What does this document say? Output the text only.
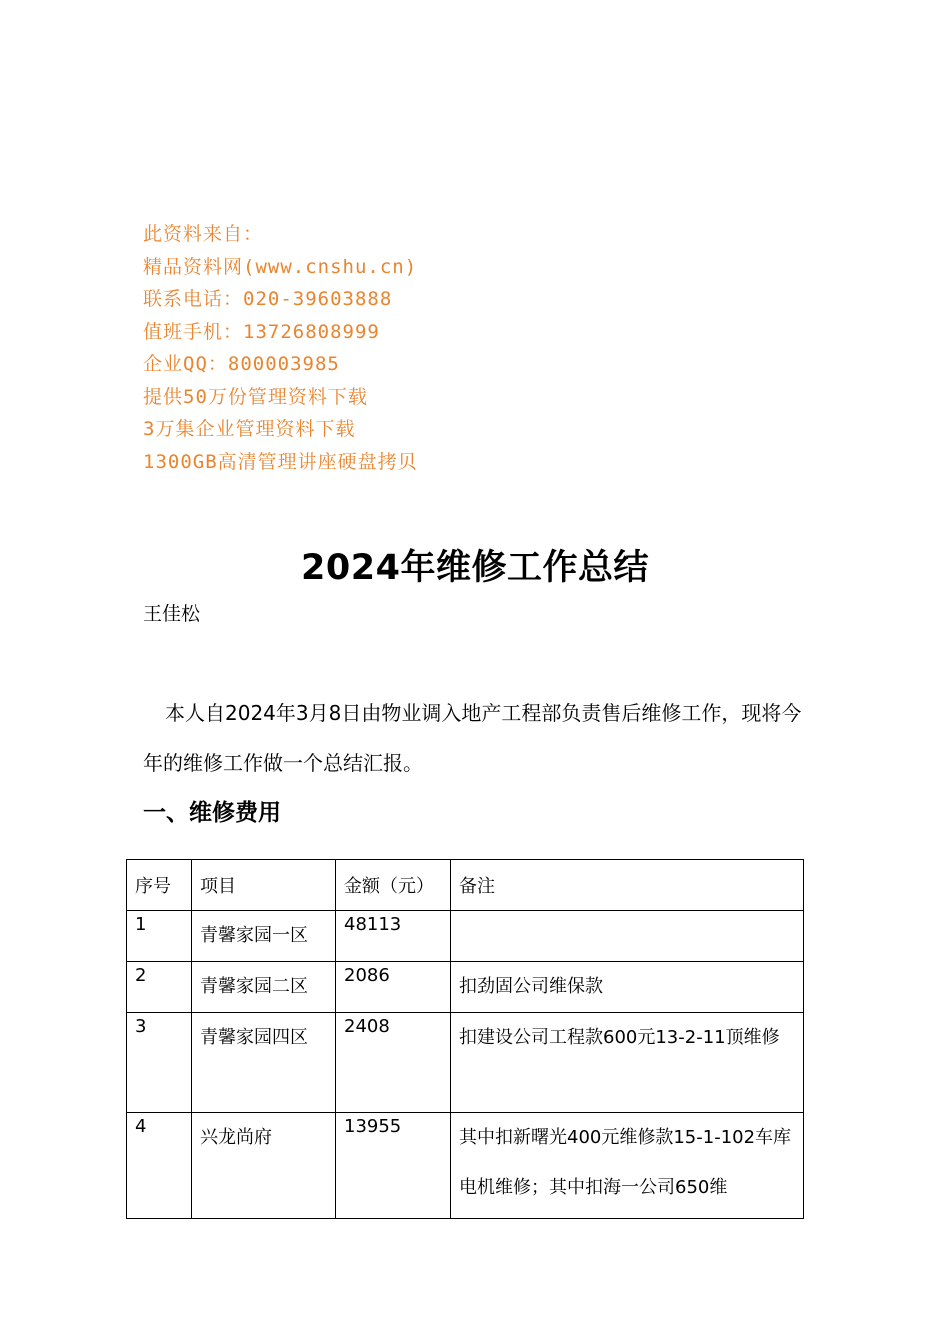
此资料来自：
精品资料网(www.cnshu.cn)
联系电话：020-39603888
值班手机：13726808999
企业QQ：800003985
提供50万份管理资料下载
3万集企业管理资料下载
1300GB高清管理讲座硬盘拷贝
2024年维修工作总结
王佳松

本人自2024年3月8日由物业调入地产工程部负责售后维修工作，现将今年的维修工作做一个总结汇报。

一、维修费用
序号	项目	金额（元）	备注

1	青馨家园一区	48113	

2	青馨家园二区	2086	扣劲固公司维保款

3	青馨家园四区	2408	扣建设公司工程款600元13-2-11顶维修

4	兴龙尚府	13955	其中扣新曙光400元维修款15-1-102车库电机维修；其中扣海一公司650维
